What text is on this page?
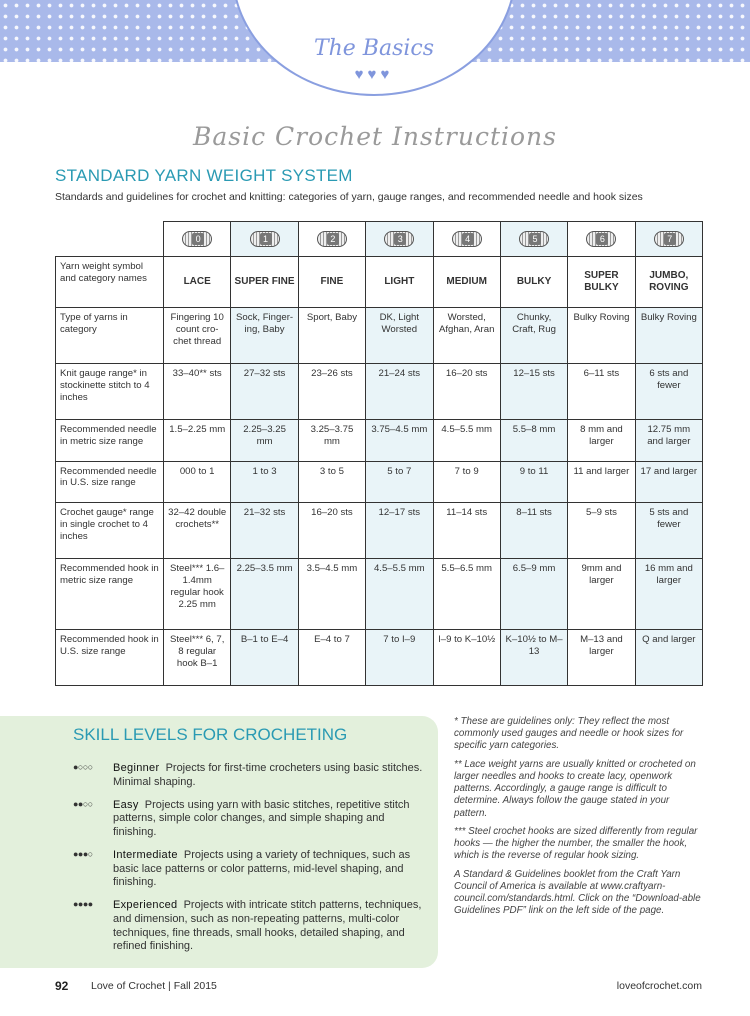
The Basics
♥♥♥
Basic Crochet Instructions
STANDARD YARN WEIGHT SYSTEM
Standards and guidelines for crochet and knitting: categories of yarn, gauge ranges, and recommended needle and hook sizes

	0	1	2	3	4	5	6	7

Yarn weight symbol and category names	LACE	SUPER FINE	FINE	LIGHT	MEDIUM	BULKY	SUPER BULKY	JUMBO, ROVING
Type of yarns in category	Fingering 10 count cro-chet thread	Sock, Finger-ing, Baby	Sport, Baby	DK, Light Worsted	Worsted, Afghan, Aran	Chunky, Craft, Rug	Bulky Roving	Bulky Roving
Knit gauge range* in stockinette stitch to 4 inches	33–40** sts	27–32 sts	23–26 sts	21–24 sts	16–20 sts	12–15 sts	6–11 sts	6 sts and fewer
Recommended needle in metric size range	1.5–2.25 mm	2.25–3.25 mm	3.25–3.75 mm	3.75–4.5 mm	4.5–5.5 mm	5.5–8 mm	8 mm and larger	12.75 mm and larger
Recommended needle in U.S. size range	000 to 1	1 to 3	3 to 5	5 to 7	7 to 9	9 to 11	11 and larger	17 and larger
Crochet gauge* range in single crochet to 4 inches	32–42 double crochets**	21–32 sts	16–20 sts	12–17 sts	11–14 sts	8–11 sts	5–9 sts	5 sts and fewer
Recommended hook in metric size range	Steel*** 1.6–1.4mm regular hook 2.25 mm	2.25–3.5 mm	3.5–4.5 mm	4.5–5.5 mm	5.5–6.5 mm	6.5–9 mm	9mm and larger	16 mm and larger
Recommended hook in U.S. size range	Steel*** 6, 7, 8 regular hook B–1	B–1 to E–4	E–4 to 7	7 to I–9	I–9 to K–10½	K–10½ to M–13	M–13 and larger	Q and larger
SKILL LEVELS FOR CROCHETING
●○○○ Beginner Projects for first-time crocheters using basic stitches. Minimal shaping.
●●○○ Easy Projects using yarn with basic stitches, repetitive stitch patterns, simple color changes, and simple shaping and finishing.
●●●○ Intermediate Projects using a variety of techniques, such as basic lace patterns or color patterns, mid-level shaping, and finishing.
●●●● Experienced Projects with intricate stitch patterns, techniques, and dimension, such as non-repeating patterns, multi-color techniques, fine threads, small hooks, detailed shaping, and refined finishing.

* These are guidelines only: They reflect the most commonly used gauges and needle or hook sizes for specific yarn categories.

** Lace weight yarns are usually knitted or crocheted on larger needles and hooks to create lacy, openwork patterns. Accordingly, a gauge range is difficult to determine. Always follow the gauge stated in your pattern.

*** Steel crochet hooks are sized differently from regular hooks — the higher the number, the smaller the hook, which is the reverse of regular hook sizing.

A Standard & Guidelines booklet from the Craft Yarn Council of America is available at www.craftyarn-council.com/standards.html. Click on the “Download-able Guidelines PDF” link on the left side of the page.

92 Love of Crochet | Fall 2015	loveofcrochet.com
